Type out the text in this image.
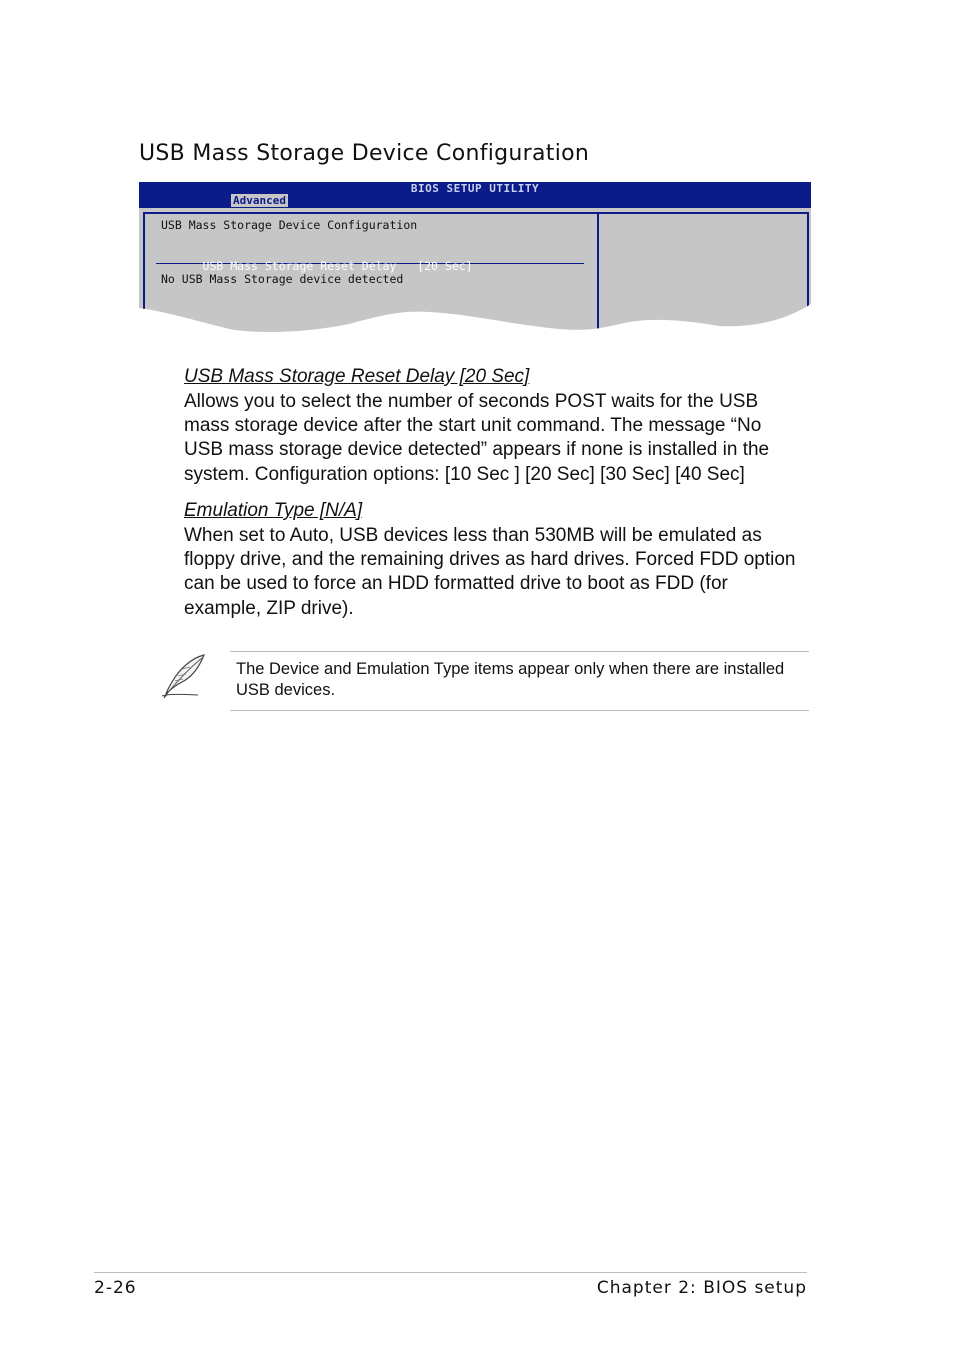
USB Mass Storage Device Configuration
BIOS SETUP UTILITY
Advanced
USB Mass Storage Device Configuration

USB Mass Storage Reset Delay [20 Sec]

No USB Mass Storage device detected
USB Mass Storage Reset Delay [20 Sec]
Allows you to select the number of seconds POST waits for the USB mass storage device after the start unit command. The message “No USB mass storage device detected” appears if none is installed in the system. Configuration options: [10 Sec ] [20 Sec] [30 Sec] [40 Sec]
Emulation Type [N/A]
When set to Auto, USB devices less than 530MB will be emulated as floppy drive, and the remaining drives as hard drives. Forced FDD option can be used to force an HDD formatted drive to boot as FDD (for example, ZIP drive).
The Device and Emulation Type items appear only when there are installed USB devices.
2-26	Chapter 2: BIOS setup
